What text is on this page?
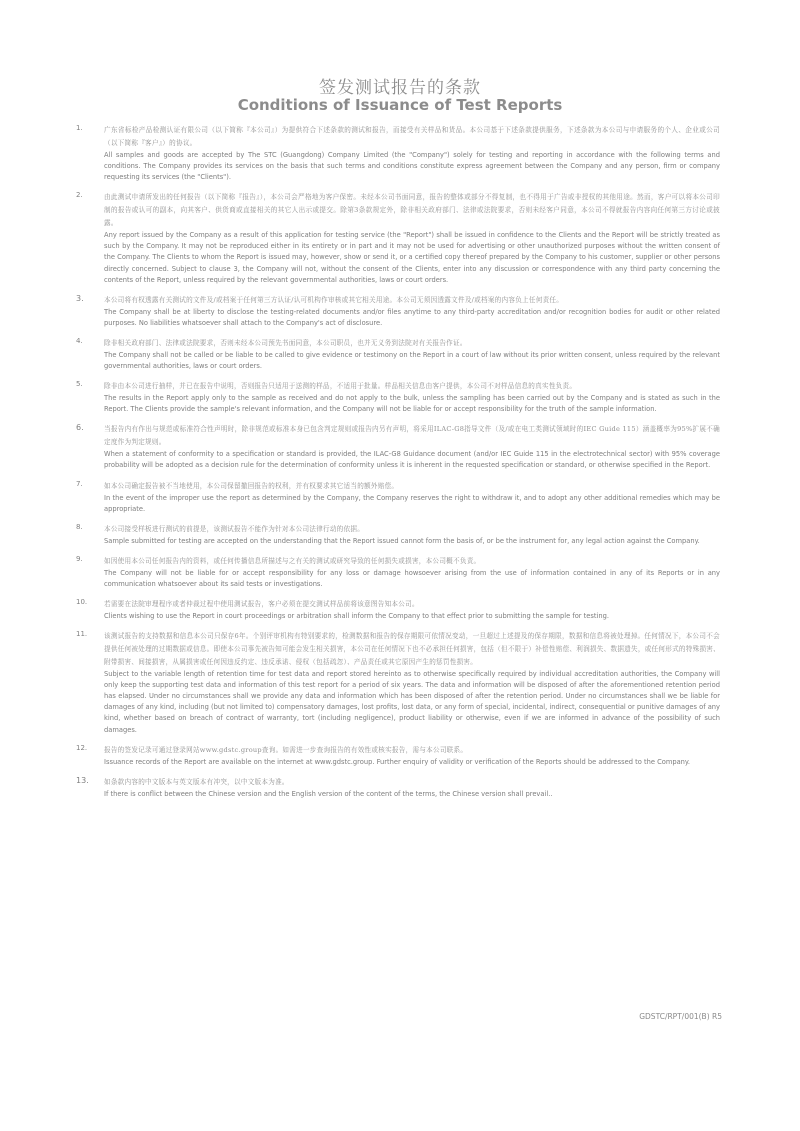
签发测试报告的条款
Conditions of Issuance of Test Reports
1.	广东省标检产品检测认证有限公司（以下简称『本公司』）为提供符合下述条款的测试和报告，而接受有关样品和货品。本公司基于下述条款提供服务，下述条款为本公司与申请服务的个人、企业或公司（以下简称『客户』）的协议。
All samples and goods are accepted by The STC (Guangdong) Company Limited (the "Company") solely for testing and reporting in accordance with the following terms and conditions. The Company provides its services on the basis that such terms and conditions constitute express agreement between the Company and any person, firm or company requesting its services (the "Clients").
2.	由此测试申请所发出的任何报告（以下简称『报告』），本公司会严格地为客户保密。未经本公司书面同意，报告的整体或部分不得复制，也不得用于广告或非授权的其他用途。然而，客户可以将本公司印制的报告或认可的副本，向其客户、供货商或直接相关的其它人出示或提交。除第3条款规定外，除非相关政府部门、法律或法院要求，否则未经客户同意，本公司不得就报告内容向任何第三方讨论或披露。
Any report issued by the Company as a result of this application for testing service (the "Report") shall be issued in confidence to the Clients and the Report will be strictly treated as such by the Company. It may not be reproduced either in its entirety or in part and it may not be used for advertising or other unauthorized purposes without the written consent of the Company. The Clients to whom the Report is issued may, however, show or send it, or a certified copy thereof prepared by the Company to his customer, supplier or other persons directly concerned. Subject to clause 3, the Company will not, without the consent of the Clients, enter into any discussion or correspondence with any third party concerning the contents of the Report, unless required by the relevant governmental authorities, laws or court orders.
3.	本公司将有权透露有关测试的文件及/或档案于任何第三方认证/认可机构作审核或其它相关用途。本公司无须因透露文件及/或档案的内容负上任何责任。
The Company shall be at liberty to disclose the testing-related documents and/or files anytime to any third-party accreditation and/or recognition bodies for audit or other related purposes. No liabilities whatsoever shall attach to the Company's act of disclosure.
4.	除非相关政府部门、法律或法院要求，否则未经本公司预先书面同意，本公司职员，也并无义务到法院对有关报告作证。
The Company shall not be called or be liable to be called to give evidence or testimony on the Report in a court of law without its prior written consent, unless required by the relevant governmental authorities, laws or court orders.
5.	除非由本公司进行抽样，并已在报告中说明，否则报告只适用于送测的样品，不适用于批量。样品相关信息由客户提供，本公司不对样品信息的真实性负责。
The results in the Report apply only to the sample as received and do not apply to the bulk, unless the sampling has been carried out by the Company and is stated as such in the Report. The Clients provide the sample's relevant information, and the Company will not be liable for or accept responsibility for the truth of the sample information.
6.	当报告内有作出与规范或标准符合性声明时，除非规范或标准本身已包含判定规则或报告内另有声明，将采用ILAC-G8指导文件（及/或在电工类测试领域时的IEC Guide 115）涵盖概率为95%扩展不确定度作为判定规则。
When a statement of conformity to a specification or standard is provided, the ILAC-G8 Guidance document (and/or IEC Guide 115 in the electrotechnical sector) with 95% coverage probability will be adopted as a decision rule for the determination of conformity unless it is inherent in the requested specification or standard, or otherwise specified in the Report.
7.	如本公司确定报告被不当地使用，本公司保留撤回报告的权利，并有权要求其它适当的额外赔偿。
In the event of the improper use the report as determined by the Company, the Company reserves the right to withdraw it, and to adopt any other additional remedies which may be appropriate.
8.	本公司接受样板进行测试的前提是，该测试报告不能作为针对本公司法律行动的依据。
Sample submitted for testing are accepted on the understanding that the Report issued cannot form the basis of, or be the instrument for, any legal action against the Company.
9.	如因使用本公司任何报告内的资料，或任何传播信息所描述与之有关的测试或研究导致的任何损失或损害，本公司概不负责。
The Company will not be liable for or accept responsibility for any loss or damage howsoever arising from the use of information contained in any of its Reports or in any communication whatsoever about its said tests or investigations.
10.	若需要在法院审理程序或者仲裁过程中使用测试报告，客户必须在提交测试样品前将该意图告知本公司。
Clients wishing to use the Report in court proceedings or arbitration shall inform the Company to that effect prior to submitting the sample for testing.
11.	该测试报告的支持数据和信息本公司只保存6年。个别评审机构有特别要求的，检测数据和报告的保存期限可依情况变动，一旦超过上述提及的保存期限，数据和信息将被处理掉。任何情况下，本公司不会提供任何被处理的过期数据或信息。即使本公司事先被告知可能会发生相关损害，本公司在任何情况下也不必承担任何损害，包括（但不限于）补偿性赔偿、利润损失、数据遗失，或任何形式的特殊损害、附带损害、间接损害，从属损害或任何因违反约定、违反承诺、侵权（包括疏忽）、产品责任或其它原因产生的惩罚性损害。
Subject to the variable length of retention time for test data and report stored hereinto as to otherwise specifically required by individual accreditation authorities, the Company will only keep the supporting test data and information of this test report for a period of six years. The data and information will be disposed of after the aforementioned retention period has elapsed. Under no circumstances shall we provide any data and information which has been disposed of after the retention period. Under no circumstances shall we be liable for damages of any kind, including (but not limited to) compensatory damages, lost profits, lost data, or any form of special, incidental, indirect, consequential or punitive damages of any kind, whether based on breach of contract of warranty, tort (including negligence), product liability or otherwise, even if we are informed in advance of the possibility of such damages.
12.	报告的签发记录可通过登录网站www.gdstc.group查询。如需进一步查询报告的有效性或核实报告，需与本公司联系。
Issuance records of the Report are available on the internet at www.gdstc.group. Further enquiry of validity or verification of the Reports should be addressed to the Company.
13. 如条款内容的中文版本与英文版本有冲突，以中文版本为准。
If there is conflict between the Chinese version and the English version of the content of the terms, the Chinese version shall prevail..
GDSTC/RPT/001(B) R5
